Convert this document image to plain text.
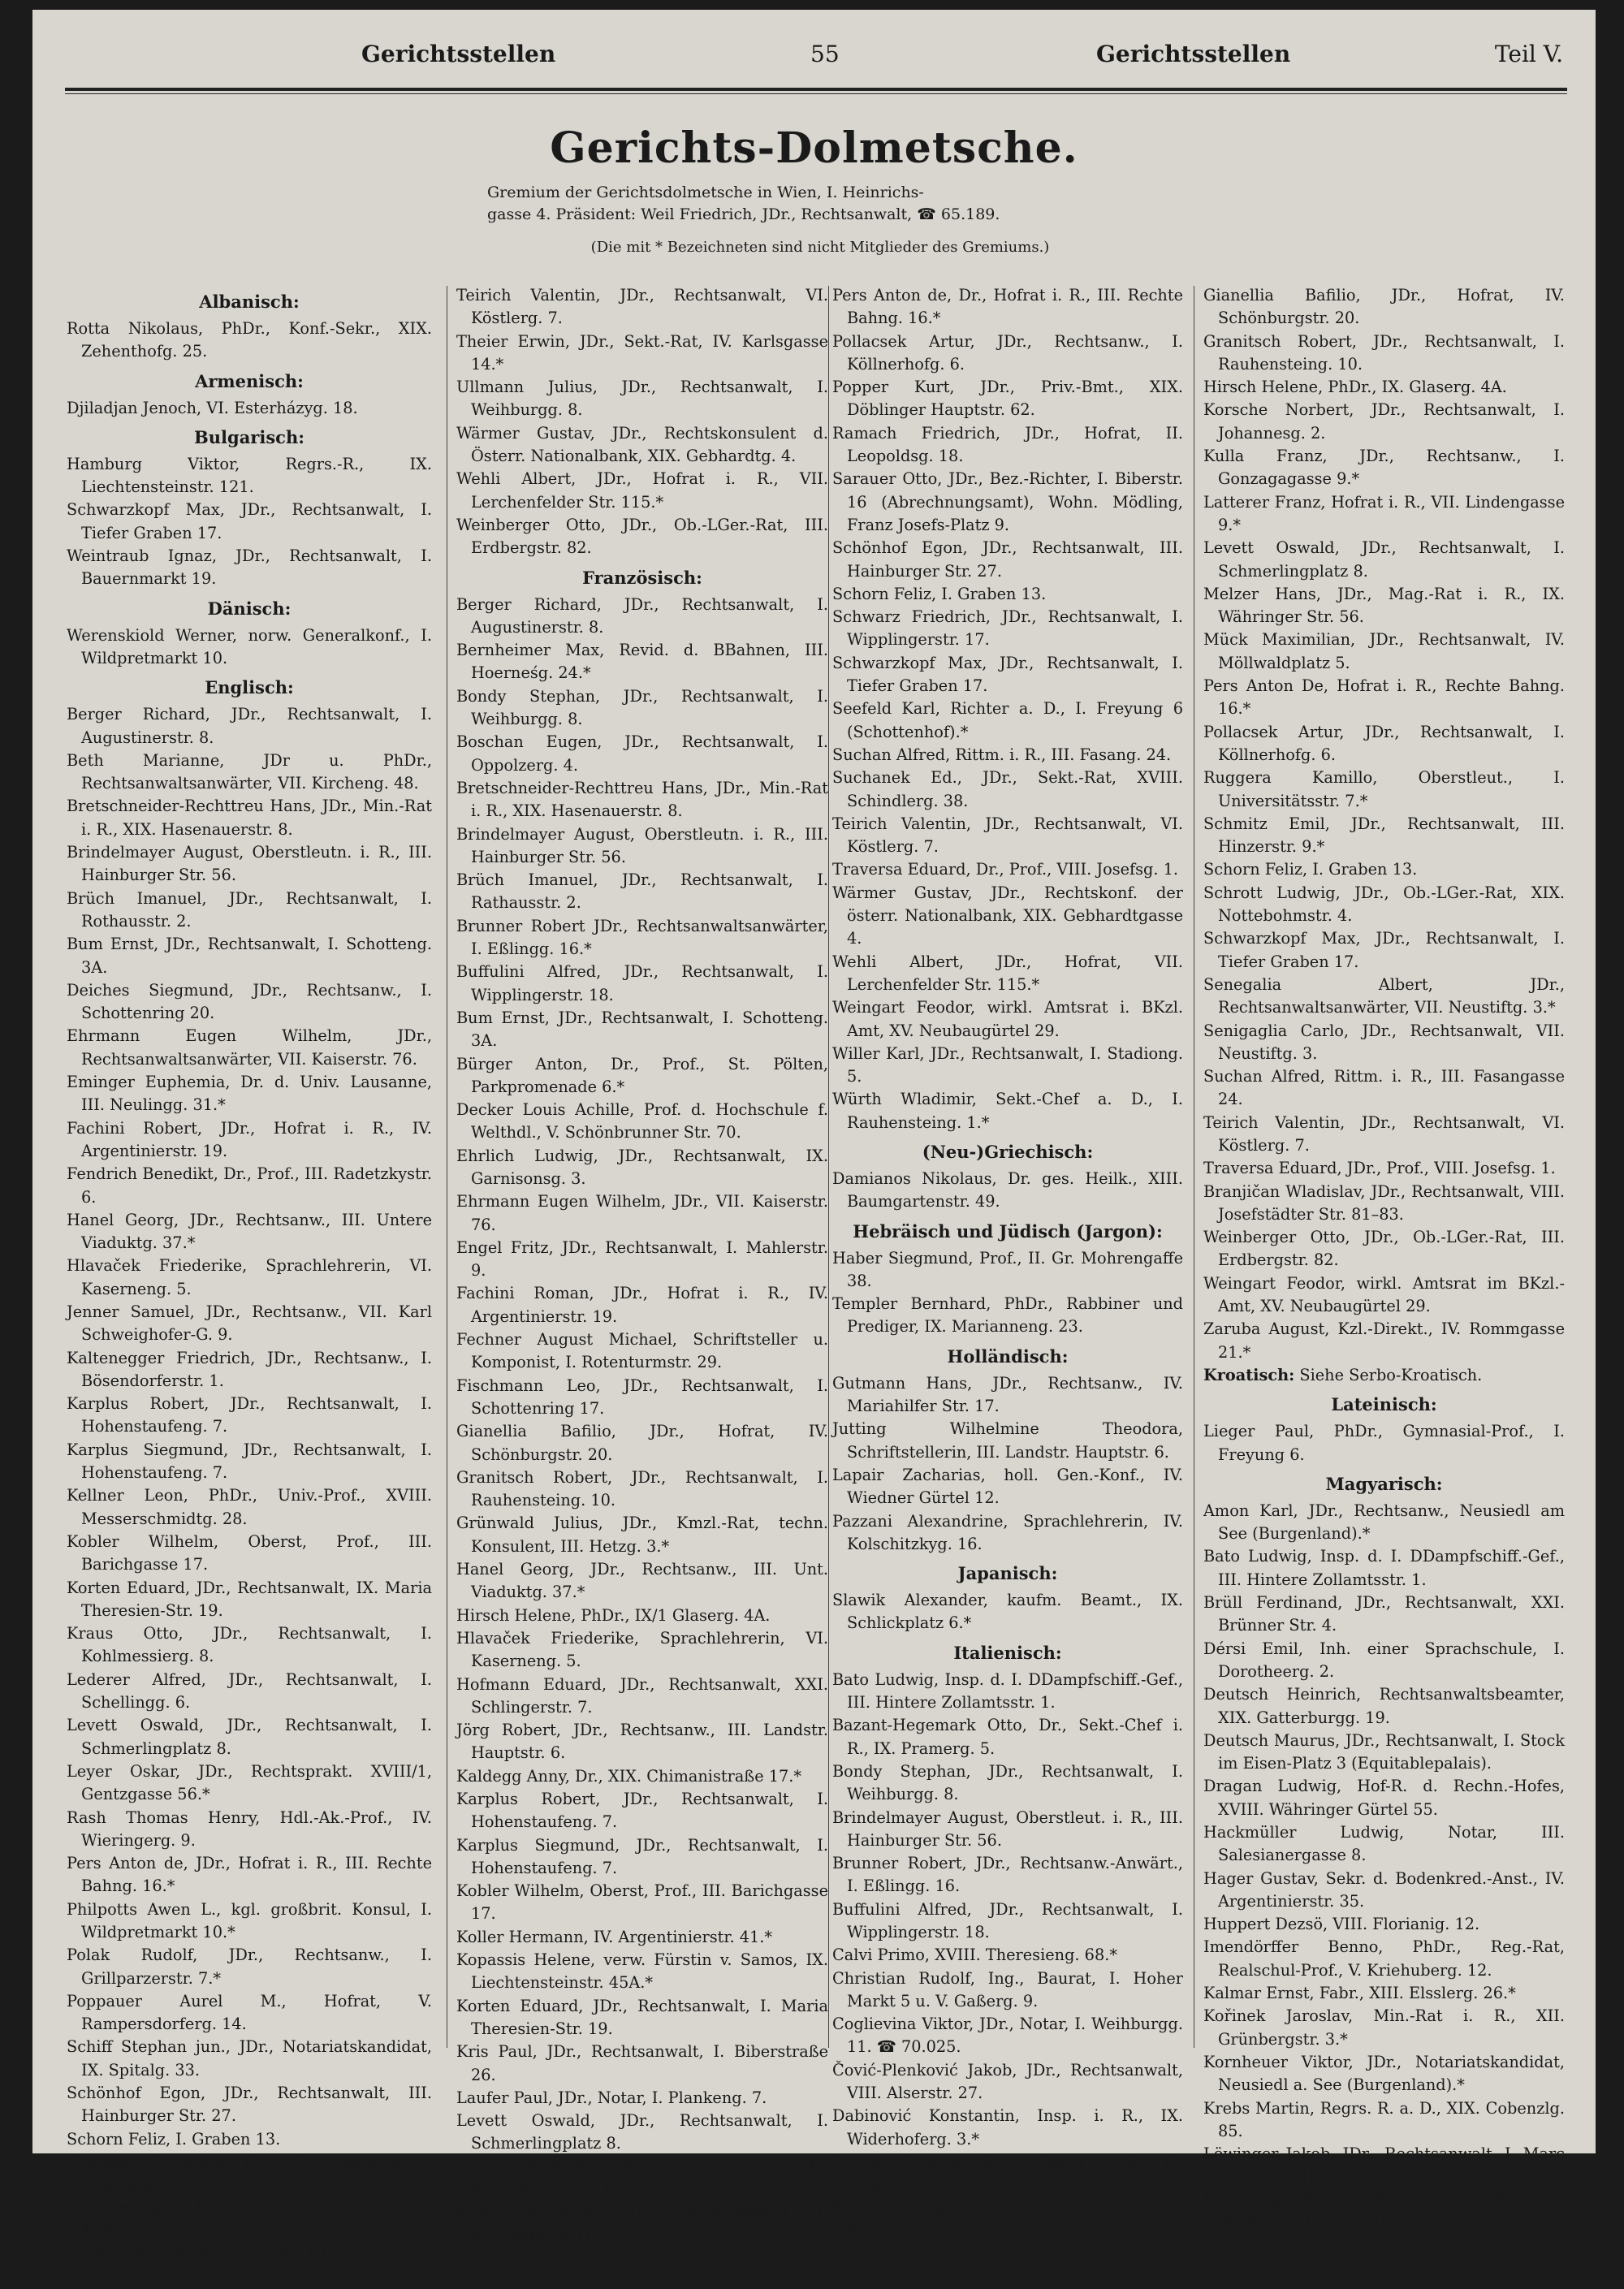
Gerichtsstellen	55	Gerichtsstellen	Teil V.
Gerichts-Dolmetsche.
Gremium der Gerichtsdolmetsche in Wien, I. Heinrichs-
gasse 4. Präsident: Weil Friedrich, JDr., Rechtsanwalt, ☎ 65.189.
(Die mit * Bezeichneten sind nicht Mitglieder des Gremiums.)
Albanisch:
Rotta Nikolaus, PhDr., Konf.-Sekr., XIX. Zehenthofg. 25.
Armenisch:
Djiladjan Jenoch, VI. Esterházyg. 18.
Bulgarisch:
Hamburg Viktor, Regrs.-R., IX. Liechtensteinstr. 121.
Schwarzkopf Max, JDr., Rechtsanwalt, I. Tiefer Graben 17.
Weintraub Ignaz, JDr., Rechtsanwalt, I. Bauernmarkt 19.
Dänisch:
Werenskiold Werner, norw. Generalkonf., I. Wildpretmarkt 10.
Englisch:
Berger Richard, JDr., Rechtsanwalt, I. Augustinerstr. 8.
Beth Marianne, JDr u. PhDr., Rechtsanwaltsanwärter, VII. Kircheng. 48.
Bretschneider-Rechttreu Hans, JDr., Min.-Rat i. R., XIX. Hasenauerstr. 8.
Brindelmayer August, Oberstleutn. i. R., III. Hainburger Str. 56.
Brüch Imanuel, JDr., Rechtsanwalt, I. Rothausstr. 2.
Bum Ernst, JDr., Rechtsanwalt, I. Schotteng. 3A.
Deiches Siegmund, JDr., Rechtsanw., I. Schottenring 20.
Ehrmann Eugen Wilhelm, JDr., Rechtsanwaltsanwärter, VII. Kaiserstr. 76.
Eminger Euphemia, Dr. d. Univ. Lausanne, III. Neulingg. 31.*
Fachini Robert, JDr., Hofrat i. R., IV. Argentinierstr. 19.
Fendrich Benedikt, Dr., Prof., III. Radetzkystr. 6.
Hanel Georg, JDr., Rechtsanw., III. Untere Viaduktg. 37.*
Hlavaček Friederike, Sprachlehrerin, VI. Kaserneng. 5.
Jenner Samuel, JDr., Rechtsanw., VII. Karl Schweighofer-G. 9.
Kaltenegger Friedrich, JDr., Rechtsanw., I. Bösendorferstr. 1.
Karplus Robert, JDr., Rechtsanwalt, I. Hohenstaufeng. 7.
Karplus Siegmund, JDr., Rechtsanwalt, I. Hohenstaufeng. 7.
Kellner Leon, PhDr., Univ.-Prof., XVIII. Messerschmidtg. 28.
Kobler Wilhelm, Oberst, Prof., III. Barichgasse 17.
Korten Eduard, JDr., Rechtsanwalt, IX. Maria Theresien-Str. 19.
Kraus Otto, JDr., Rechtsanwalt, I. Kohlmessierg. 8.
Lederer Alfred, JDr., Rechtsanwalt, I. Schellingg. 6.
Levett Oswald, JDr., Rechtsanwalt, I. Schmerlingplatz 8.
Leyer Oskar, JDr., Rechtsprakt. XVIII/1, Gentzgasse 56.*
Rash Thomas Henry, Hdl.-Ak.-Prof., IV. Wieringerg. 9.
Pers Anton de, JDr., Hofrat i. R., III. Rechte Bahng. 16.*
Philpotts Awen L., kgl. großbrit. Konsul, I. Wildpretmarkt 10.*
Polak Rudolf, JDr., Rechtsanw., I. Grillparzerstr. 7.*
Poppauer Aurel M., Hofrat, V. Rampersdorferg. 14.
Schiff Stephan jun., JDr., Notariatskandidat, IX. Spitalg. 33.
Schönhof Egon, JDr., Rechtsanwalt, III. Hainburger Str. 27.
Schorn Feliz, I. Graben 13.
Schwarz Friedrich, JDr., Rechtsanwalt, I. Wipplingerstr. 17.
Schwarzkopf Max, JDr., Rechtsanwalt, I. Tiefer Graben 17.
Suchan Alfred, Rittm. i. R., III. Fasangasse 24.
Teirich Valentin, JDr., Rechtsanwalt, VI. Köstlerg. 7.
Theier Erwin, JDr., Sekt.-Rat, IV. Karlsgasse 14.*
Ullmann Julius, JDr., Rechtsanwalt, I. Weihburgg. 8.
Wärmer Gustav, JDr., Rechtskonsulent d. Österr. Nationalbank, XIX. Gebhardtg. 4.
Wehli Albert, JDr., Hofrat i. R., VII. Lerchenfelder Str. 115.*
Weinberger Otto, JDr., Ob.-LGer.-Rat, III. Erdbergstr. 82.
Französisch:
Berger Richard, JDr., Rechtsanwalt, I. Augustinerstr. 8.
Bernheimer Max, Revid. d. BBahnen, III. Hoerneśg. 24.*
Bondy Stephan, JDr., Rechtsanwalt, I. Weihburgg. 8.
Boschan Eugen, JDr., Rechtsanwalt, I. Oppolzerg. 4.
Bretschneider-Rechttreu Hans, JDr., Min.-Rat i. R., XIX. Hasenauerstr. 8.
Brindelmayer August, Oberstleutn. i. R., III. Hainburger Str. 56.
Brüch Imanuel, JDr., Rechtsanwalt, I. Rathausstr. 2.
Brunner Robert JDr., Rechtsanwaltsanwärter, I. Eßlingg. 16.*
Buffulini Alfred, JDr., Rechtsanwalt, I. Wipplingerstr. 18.
Bum Ernst, JDr., Rechtsanwalt, I. Schotteng. 3A.
Bürger Anton, Dr., Prof., St. Pölten, Parkpromenade 6.*
Decker Louis Achille, Prof. d. Hochschule f. Welthdl., V. Schönbrunner Str. 70.
Ehrlich Ludwig, JDr., Rechtsanwalt, IX. Garnisonsg. 3.
Ehrmann Eugen Wilhelm, JDr., VII. Kaiserstr. 76.
Engel Fritz, JDr., Rechtsanwalt, I. Mahlerstr. 9.
Fachini Roman, JDr., Hofrat i. R., IV. Argentinierstr. 19.
Fechner August Michael, Schriftsteller u. Komponist, I. Rotenturmstr. 29.
Fischmann Leo, JDr., Rechtsanwalt, I. Schottenring 17.
Gianellia Bafilio, JDr., Hofrat, IV. Schönburgstr. 20.
Granitsch Robert, JDr., Rechtsanwalt, I. Rauhensteing. 10.
Grünwald Julius, JDr., Kmzl.-Rat, techn. Konsulent, III. Hetzg. 3.*
Hanel Georg, JDr., Rechtsanw., III. Unt. Viaduktg. 37.*
Hirsch Helene, PhDr., IX/1 Glaserg. 4A.
Hlavaček Friederike, Sprachlehrerin, VI. Kaserneng. 5.
Hofmann Eduard, JDr., Rechtsanwalt, XXI. Schlingerstr. 7.
Jörg Robert, JDr., Rechtsanw., III. Landstr. Hauptstr. 6.
Kaldegg Anny, Dr., XIX. Chimanistraße 17.*
Karplus Robert, JDr., Rechtsanwalt, I. Hohenstaufeng. 7.
Karplus Siegmund, JDr., Rechtsanwalt, I. Hohenstaufeng. 7.
Kobler Wilhelm, Oberst, Prof., III. Barichgasse 17.
Koller Hermann, IV. Argentinierstr. 41.*
Kopassis Helene, verw. Fürstin v. Samos, IX. Liechtensteinstr. 45A.*
Korten Eduard, JDr., Rechtsanwalt, I. Maria Theresien-Str. 19.
Kris Paul, JDr., Rechtsanwalt, I. Biberstraße 26.
Laufer Paul, JDr., Notar, I. Plankeng. 7.
Levett Oswald, JDr., Rechtsanwalt, I. Schmerlingplatz 8.
Luzeux Karl Eduard, JDr., Sektionsrat, IV. Argentinierstr. 11A.
Mises Heinrich, JDr., Rechtsanwalt, I. Elisabethstr. 16.
Pers Anton de, Dr., Hofrat i. R., III. Rechte Bahng. 16.*
Pollacsek Artur, JDr., Rechtsanw., I. Köllnerhofg. 6.
Popper Kurt, JDr., Priv.-Bmt., XIX. Döblinger Hauptstr. 62.
Ramach Friedrich, JDr., Hofrat, II. Leopoldsg. 18.
Sarauer Otto, JDr., Bez.-Richter, I. Biberstr. 16 (Abrechnungsamt), Wohn. Mödling, Franz Josefs-Platz 9.
Schönhof Egon, JDr., Rechtsanwalt, III. Hainburger Str. 27.
Schorn Feliz, I. Graben 13.
Schwarz Friedrich, JDr., Rechtsanwalt, I. Wipplingerstr. 17.
Schwarzkopf Max, JDr., Rechtsanwalt, I. Tiefer Graben 17.
Seefeld Karl, Richter a. D., I. Freyung 6 (Schottenhof).*
Suchan Alfred, Rittm. i. R., III. Fasang. 24.
Suchanek Ed., JDr., Sekt.-Rat, XVIII. Schindlerg. 38.
Teirich Valentin, JDr., Rechtsanwalt, VI. Köstlerg. 7.
Traversa Eduard, Dr., Prof., VIII. Josefsg. 1.
Wärmer Gustav, JDr., Rechtskonf. der österr. Nationalbank, XIX. Gebhardtgasse 4.
Wehli Albert, JDr., Hofrat, VII. Lerchenfelder Str. 115.*
Weingart Feodor, wirkl. Amtsrat i. BKzl. Amt, XV. Neubaugürtel 29.
Willer Karl, JDr., Rechtsanwalt, I. Stadiong. 5.
Würth Wladimir, Sekt.-Chef a. D., I. Rauhensteing. 1.*
(Neu-)Griechisch:
Damianos Nikolaus, Dr. ges. Heilk., XIII. Baumgartenstr. 49.
Hebräisch und Jüdisch (Jargon):
Haber Siegmund, Prof., II. Gr. Mohrengaffe 38.
Templer Bernhard, PhDr., Rabbiner und Prediger, IX. Marianneng. 23.
Holländisch:
Gutmann Hans, JDr., Rechtsanw., IV. Mariahilfer Str. 17.
Jutting Wilhelmine Theodora, Schriftstellerin, III. Landstr. Hauptstr. 6.
Lapair Zacharias, holl. Gen.-Konf., IV. Wiedner Gürtel 12.
Pazzani Alexandrine, Sprachlehrerin, IV. Kolschitzkyg. 16.
Japanisch:
Slawik Alexander, kaufm. Beamt., IX. Schlickplatz 6.*
Italienisch:
Bato Ludwig, Insp. d. I. DDampfschiff.-Gef., III. Hintere Zollamtsstr. 1.
Bazant-Hegemark Otto, Dr., Sekt.-Chef i. R., IX. Pramerg. 5.
Bondy Stephan, JDr., Rechtsanwalt, I. Weihburgg. 8.
Brindelmayer August, Oberstleut. i. R., III. Hainburger Str. 56.
Brunner Robert, JDr., Rechtsanw.-Anwärt., I. Eßlingg. 16.
Buffulini Alfred, JDr., Rechtsanwalt, I. Wipplingerstr. 18.
Calvi Primo, XVIII. Theresieng. 68.*
Christian Rudolf, Ing., Baurat, I. Hoher Markt 5 u. V. Gaßerg. 9.
Coglievina Viktor, JDr., Notar, I. Weihburgg. 11. ☎ 70.025.
Čović-Plenković Jakob, JDr., Rechtsanwalt, VIII. Alserstr. 27.
Dabinović Konstantin, Insp. i. R., IX. Widerhoferg. 3.*
Fachini Roman, JDr., Hofrat i. R., IV. Argentinierstr. 19.
Fechner August Mich., Schriftsteller, I. Rotenturmstr. 29.
Gianellia Bafilio, JDr., Hofrat, IV. Schönburgstr. 20.
Granitsch Robert, JDr., Rechtsanwalt, I. Rauhensteing. 10.
Hirsch Helene, PhDr., IX. Glaserg. 4A.
Korsche Norbert, JDr., Rechtsanwalt, I. Johannesg. 2.
Kulla Franz, JDr., Rechtsanw., I. Gonzagagasse 9.*
Latterer Franz, Hofrat i. R., VII. Lindengasse 9.*
Levett Oswald, JDr., Rechtsanwalt, I. Schmerlingplatz 8.
Melzer Hans, JDr., Mag.-Rat i. R., IX. Währinger Str. 56.
Mück Maximilian, JDr., Rechtsanwalt, IV. Möllwaldplatz 5.
Pers Anton De, Hofrat i. R., Rechte Bahng. 16.*
Pollacsek Artur, JDr., Rechtsanwalt, I. Köllnerhofg. 6.
Ruggera Kamillo, Oberstleut., I. Universitätsstr. 7.*
Schmitz Emil, JDr., Rechtsanwalt, III. Hinzerstr. 9.*
Schorn Feliz, I. Graben 13.
Schrott Ludwig, JDr., Ob.-LGer.-Rat, XIX. Nottebohmstr. 4.
Schwarzkopf Max, JDr., Rechtsanwalt, I. Tiefer Graben 17.
Senegalia Albert, JDr., Rechtsanwaltsanwärter, VII. Neustiftg. 3.*
Senigaglia Carlo, JDr., Rechtsanwalt, VII. Neustiftg. 3.
Suchan Alfred, Rittm. i. R., III. Fasangasse 24.
Teirich Valentin, JDr., Rechtsanwalt, VI. Köstlerg. 7.
Traversa Eduard, JDr., Prof., VIII. Josefsg. 1.
Branjičan Wladislav, JDr., Rechtsanwalt, VIII. Josefstädter Str. 81–83.
Weinberger Otto, JDr., Ob.-LGer.-Rat, III. Erdbergstr. 82.
Weingart Feodor, wirkl. Amtsrat im BKzl.-Amt, XV. Neubaugürtel 29.
Zaruba August, Kzl.-Direkt., IV. Rommgasse 21.*
Kroatisch: Siehe Serbo-Kroatisch.
Lateinisch:
Lieger Paul, PhDr., Gymnasial-Prof., I. Freyung 6.
Magyarisch:
Amon Karl, JDr., Rechtsanw., Neusiedl am See (Burgenland).*
Bato Ludwig, Insp. d. I. DDampfschiff.-Gef., III. Hintere Zollamtsstr. 1.
Brüll Ferdinand, JDr., Rechtsanwalt, XXI. Brünner Str. 4.
Dérsi Emil, Inh. einer Sprachschule, I. Dorotheerg. 2.
Deutsch Heinrich, Rechtsanwaltsbeamter, XIX. Gatterburgg. 19.
Deutsch Maurus, JDr., Rechtsanwalt, I. Stock im Eisen-Platz 3 (Equitablepalais).
Dragan Ludwig, Hof-R. d. Rechn.-Hofes, XVIII. Währinger Gürtel 55.
Hackmüller Ludwig, Notar, III. Salesianergasse 8.
Hager Gustav, Sekr. d. Bodenkred.-Anst., IV. Argentinierstr. 35.
Huppert Dezsö, VIII. Florianig. 12.
Imendörffer Benno, PhDr., Reg.-Rat, Realschul-Prof., V. Kriehuberg. 12.
Kalmar Ernst, Fabr., XIII. Elsslerg. 26.*
Kořinek Jaroslav, Min.-Rat i. R., XII. Grünbergstr. 3.*
Kornheuer Viktor, JDr., Notariatskandidat, Neusiedl a. See (Burgenland).*
Krebs Martin, Regrs. R. a. D., XIX. Cobenzlg. 85.
Löwinger Jakob, JDr., Rechtsanwalt, I. Marc Aurel-Str. 10.
Mayr-Rago F., Ing., Baurat, Gewerbe-Insp., St. Pölten, Jahnstr. 10.
